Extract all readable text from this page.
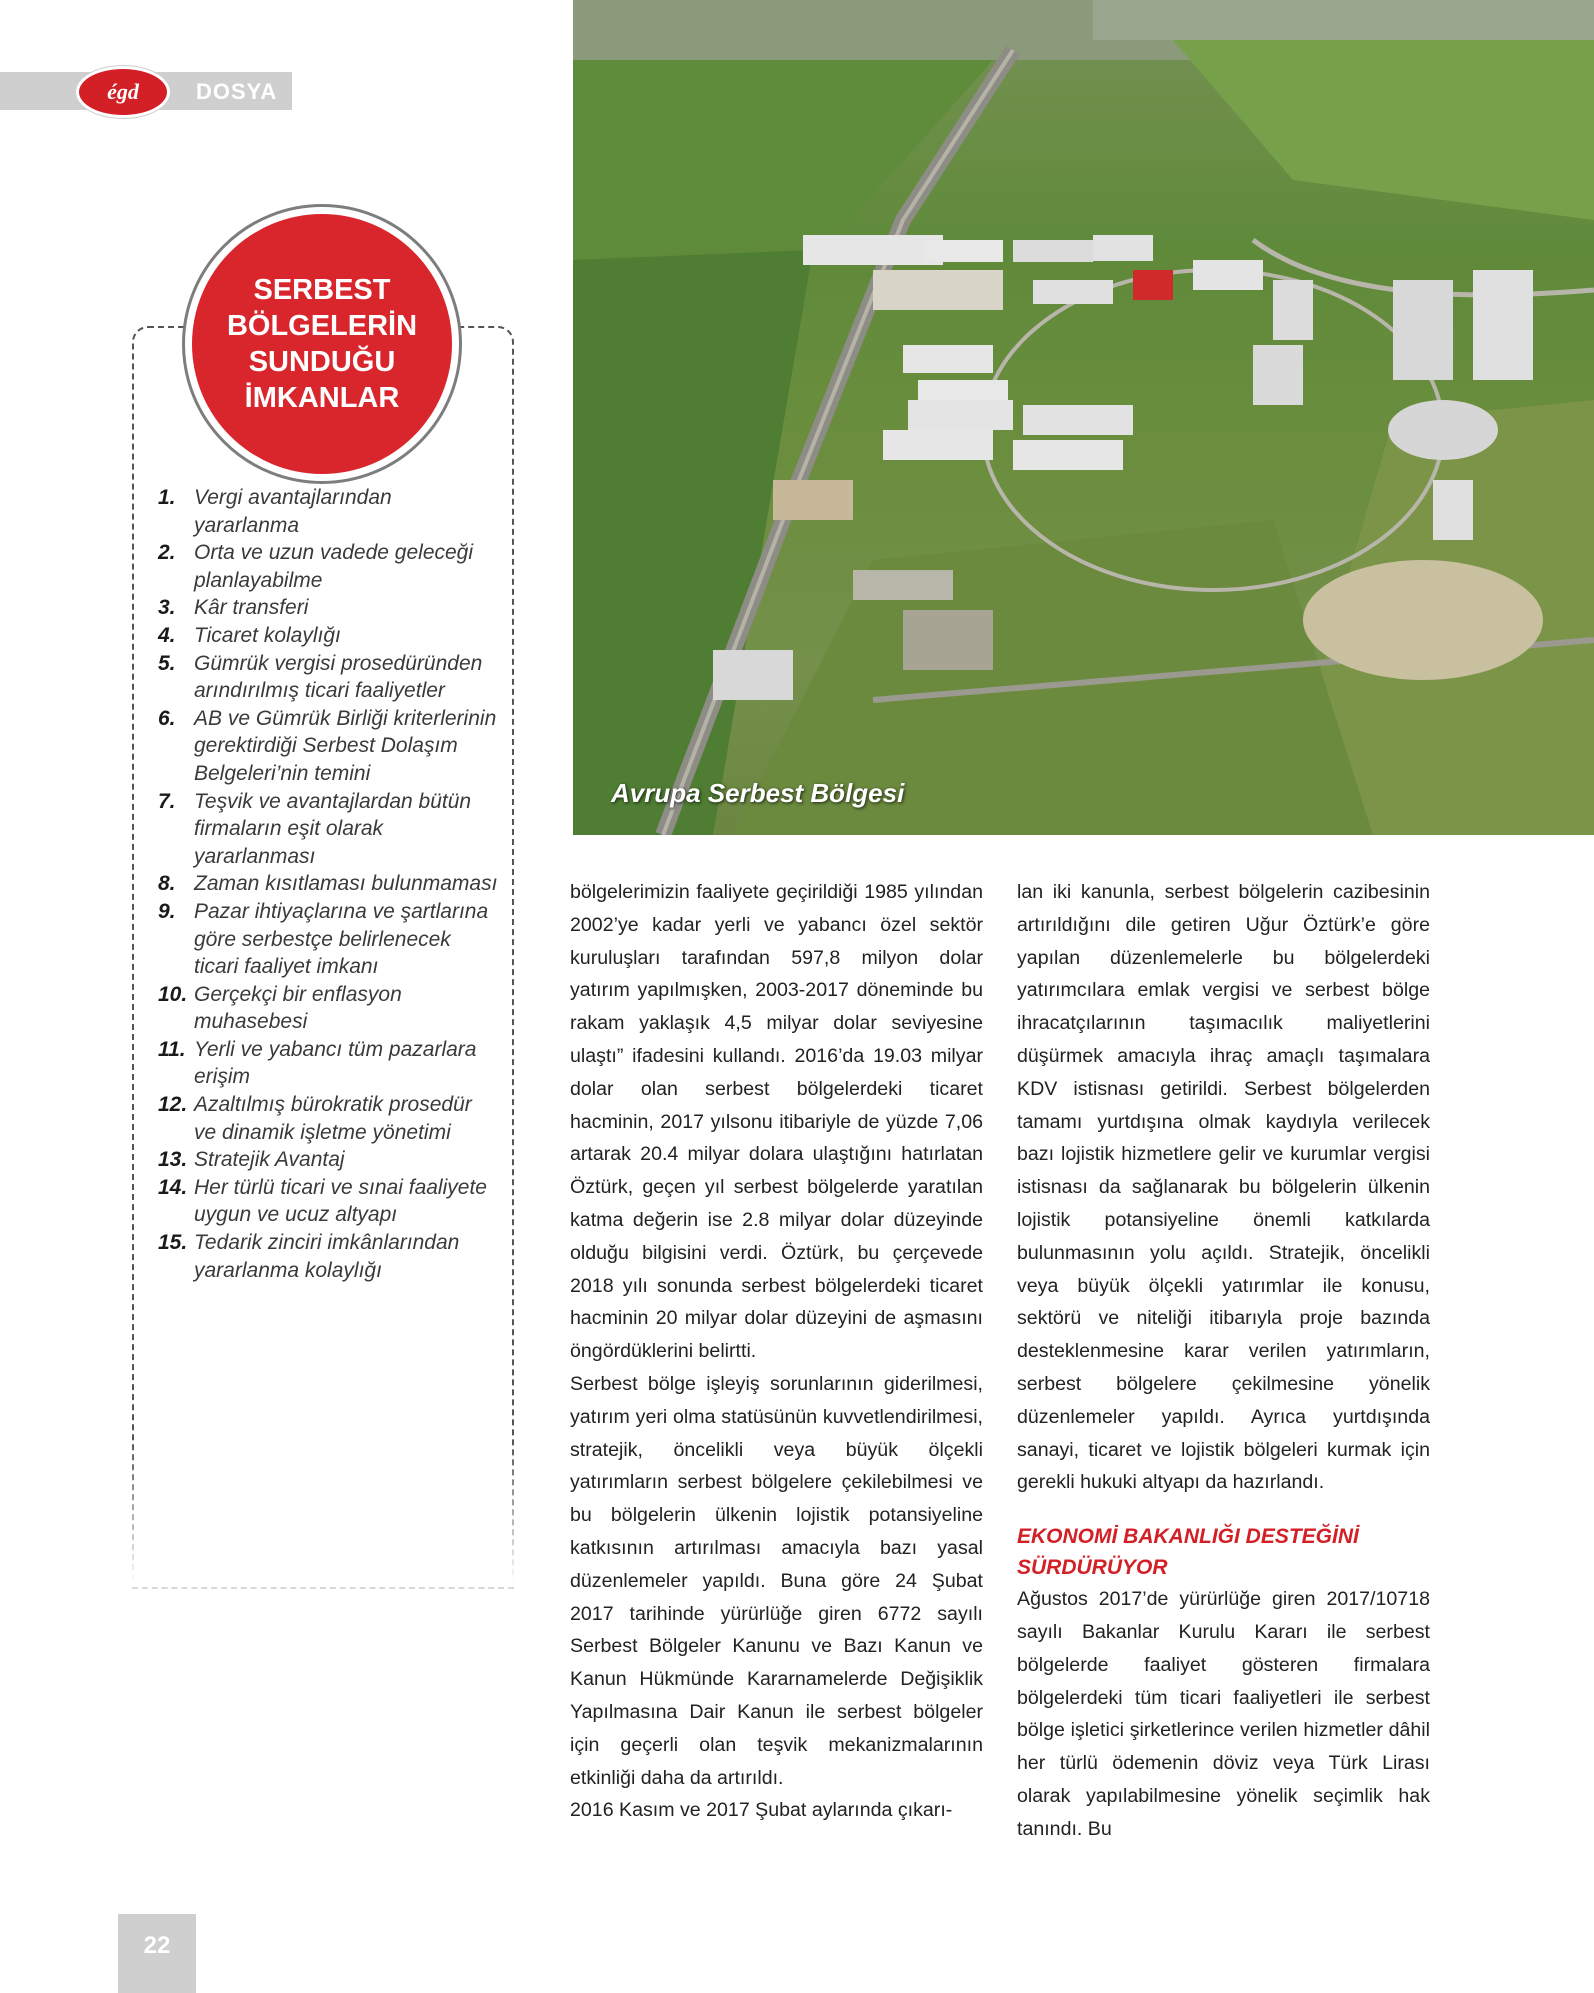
égd	DOSYA
SERBEST
BÖLGELERİN
SUNDUĞU
İMKANLAR
1. Vergi avantajlarından yararlanma
2. Orta ve uzun vadede geleceği planlayabilme
3. Kâr transferi
4. Ticaret kolaylığı
5. Gümrük vergisi prosedüründen arındırılmış ticari faaliyetler
6. AB ve Gümrük Birliği kriterlerinin gerektirdiği Serbest Dolaşım Belgeleri’nin temini
7. Teşvik ve avantajlardan bütün firmaların eşit olarak yararlanması
8. Zaman kısıtlaması bulunmaması
9. Pazar ihtiyaçlarına ve şartlarına göre serbestçe belirlenecek ticari faaliyet imkanı
10. Gerçekçi bir enflasyon muhasebesi
11. Yerli ve yabancı tüm pazarlara erişim
12. Azaltılmış bürokratik prosedür ve dinamik işletme yönetimi
13. Stratejik Avantaj
14. Her türlü ticari ve sınai faaliyete uygun ve ucuz altyapı
15. Tedarik zinciri imkânlarından yararlanma kolaylığı
Avrupa Serbest Bölgesi

bölgelerimizin faaliyete geçirildiği 1985 yılından 2002’ye kadar yerli ve yabancı özel sektör kuruluşları tarafından 597,8 milyon dolar yatırım yapılmışken, 2003-2017 döneminde bu rakam yaklaşık 4,5 milyar dolar seviyesine ulaştı” ifadesini kullandı. 2016’da 19.03 milyar dolar olan serbest bölgelerdeki ticaret hacminin, 2017 yılsonu itibariyle de yüzde 7,06 artarak 20.4 milyar dolara ulaştığını hatırlatan Öztürk, geçen yıl serbest bölgelerde yaratılan katma değerin ise 2.8 milyar dolar düzeyinde olduğu bilgisini verdi. Öztürk, bu çerçevede 2018 yılı sonunda serbest bölgelerdeki ticaret hacminin 20 milyar dolar düzeyini de aşmasını öngördüklerini belirtti.

Serbest bölge işleyiş sorunlarının giderilmesi, yatırım yeri olma statüsünün kuvvetlendirilmesi, stratejik, öncelikli veya büyük ölçekli yatırımların serbest bölgelere çekilebilmesi ve bu bölgelerin ülkenin lojistik potansiyeline katkısının artırılması amacıyla bazı yasal düzenlemeler yapıldı. Buna göre 24 Şubat 2017 tarihinde yürürlüğe giren 6772 sayılı Serbest Bölgeler Kanunu ve Bazı Kanun ve Kanun Hükmünde Kararnamelerde Değişiklik Yapılmasına Dair Kanun ile serbest bölgeler için geçerli olan teşvik mekanizmalarının etkinliği daha da artırıldı.

2016 Kasım ve 2017 Şubat aylarında çıkarı-

lan iki kanunla, serbest bölgelerin cazibesinin artırıldığını dile getiren Uğur Öztürk’e göre yapılan düzenlemelerle bu bölgelerdeki yatırımcılara emlak vergisi ve serbest bölge ihracatçılarının taşımacılık maliyetlerini düşürmek amacıyla ihraç amaçlı taşımalara KDV istisnası getirildi. Serbest bölgelerden tamamı yurtdışına olmak kaydıyla verilecek bazı lojistik hizmetlere gelir ve kurumlar vergisi istisnası da sağlanarak bu bölgelerin ülkenin lojistik potansiyeline önemli katkılarda bulunmasının yolu açıldı. Stratejik, öncelikli veya büyük ölçekli yatırımlar ile konusu, sektörü ve niteliği itibarıyla proje bazında desteklenmesine karar verilen yatırımların, serbest bölgelere çekilmesine yönelik düzenlemeler yapıldı. Ayrıca yurtdışında sanayi, ticaret ve lojistik bölgeleri kurmak için gerekli hukuki altyapı da hazırlandı.

EKONOMİ BAKANLIĞI DESTEĞİNİ
SÜRDÜRÜYOR

Ağustos 2017’de yürürlüğe giren 2017/10718 sayılı Bakanlar Kurulu Kararı ile serbest bölgelerde faaliyet gösteren firmalara bölgelerdeki tüm ticari faaliyetleri ile serbest bölge işletici şirketlerince verilen hizmetler dâhil her türlü ödemenin döviz veya Türk Lirası olarak yapılabilmesine yönelik seçimlik hak tanındı. Bu

22
